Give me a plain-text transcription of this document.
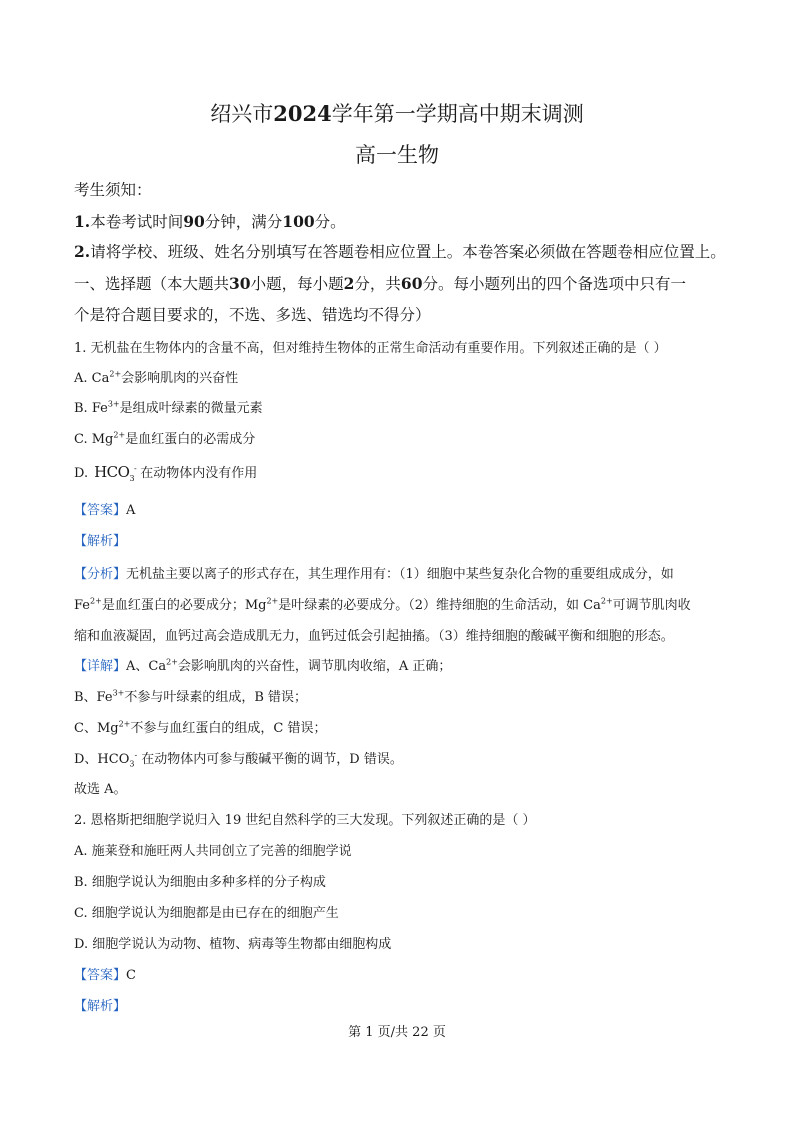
绍兴市2024学年第一学期高中期末调测
高一生物
考生须知：
1.本卷考试时间90分钟，满分100分。
2.请将学校、班级、姓名分别填写在答题卷相应位置上。本卷答案必须做在答题卷相应位置上。
一、选择题（本大题共30小题，每小题2分，共60分。每小题列出的四个备选项中只有一
个是符合题目要求的，不选、多选、错选均不得分）
1. 无机盐在生物体内的含量不高，但对维持生物体的正常生命活动有重要作用。下列叙述正确的是（ ）
A. $Ca^{2+}$会影响肌肉的兴奋性
B. $Fe^{3+}$是组成叶绿素的微量元素
C. $Mg^{2+}$是血红蛋白的必需成分
D. $HCO_3^-$ 在动物体内没有作用
【答案】A
【解析】
【分析】无机盐主要以离子的形式存在，其生理作用有：（1）细胞中某些复杂化合物的重要组成成分，如
$Fe^{2+}$是血红蛋白的必要成分；$Mg^{2+}$是叶绿素的必要成分。（2）维持细胞的生命活动，如 $Ca^{2+}$可调节肌肉收
缩和血液凝固，血钙过高会造成肌无力，血钙过低会引起抽搐。（3）维持细胞的酸碱平衡和细胞的形态。
【详解】A、$Ca^{2+}$会影响肌肉的兴奋性，调节肌肉收缩，A 正确；
B、$Fe^{3+}$不参与叶绿素的组成，B 错误；
C、$Mg^{2+}$不参与血红蛋白的组成，C 错误；
D、$HCO_3^-$ 在动物体内可参与酸碱平衡的调节，D 错误。
故选 A。
2. 恩格斯把细胞学说归入 19 世纪自然科学的三大发现。下列叙述正确的是（ ）
A. 施莱登和施旺两人共同创立了完善的细胞学说
B. 细胞学说认为细胞由多种多样的分子构成
C. 细胞学说认为细胞都是由已存在的细胞产生
D. 细胞学说认为动物、植物、病毒等生物都由细胞构成
【答案】C
【解析】
第 1 页/共 22 页
